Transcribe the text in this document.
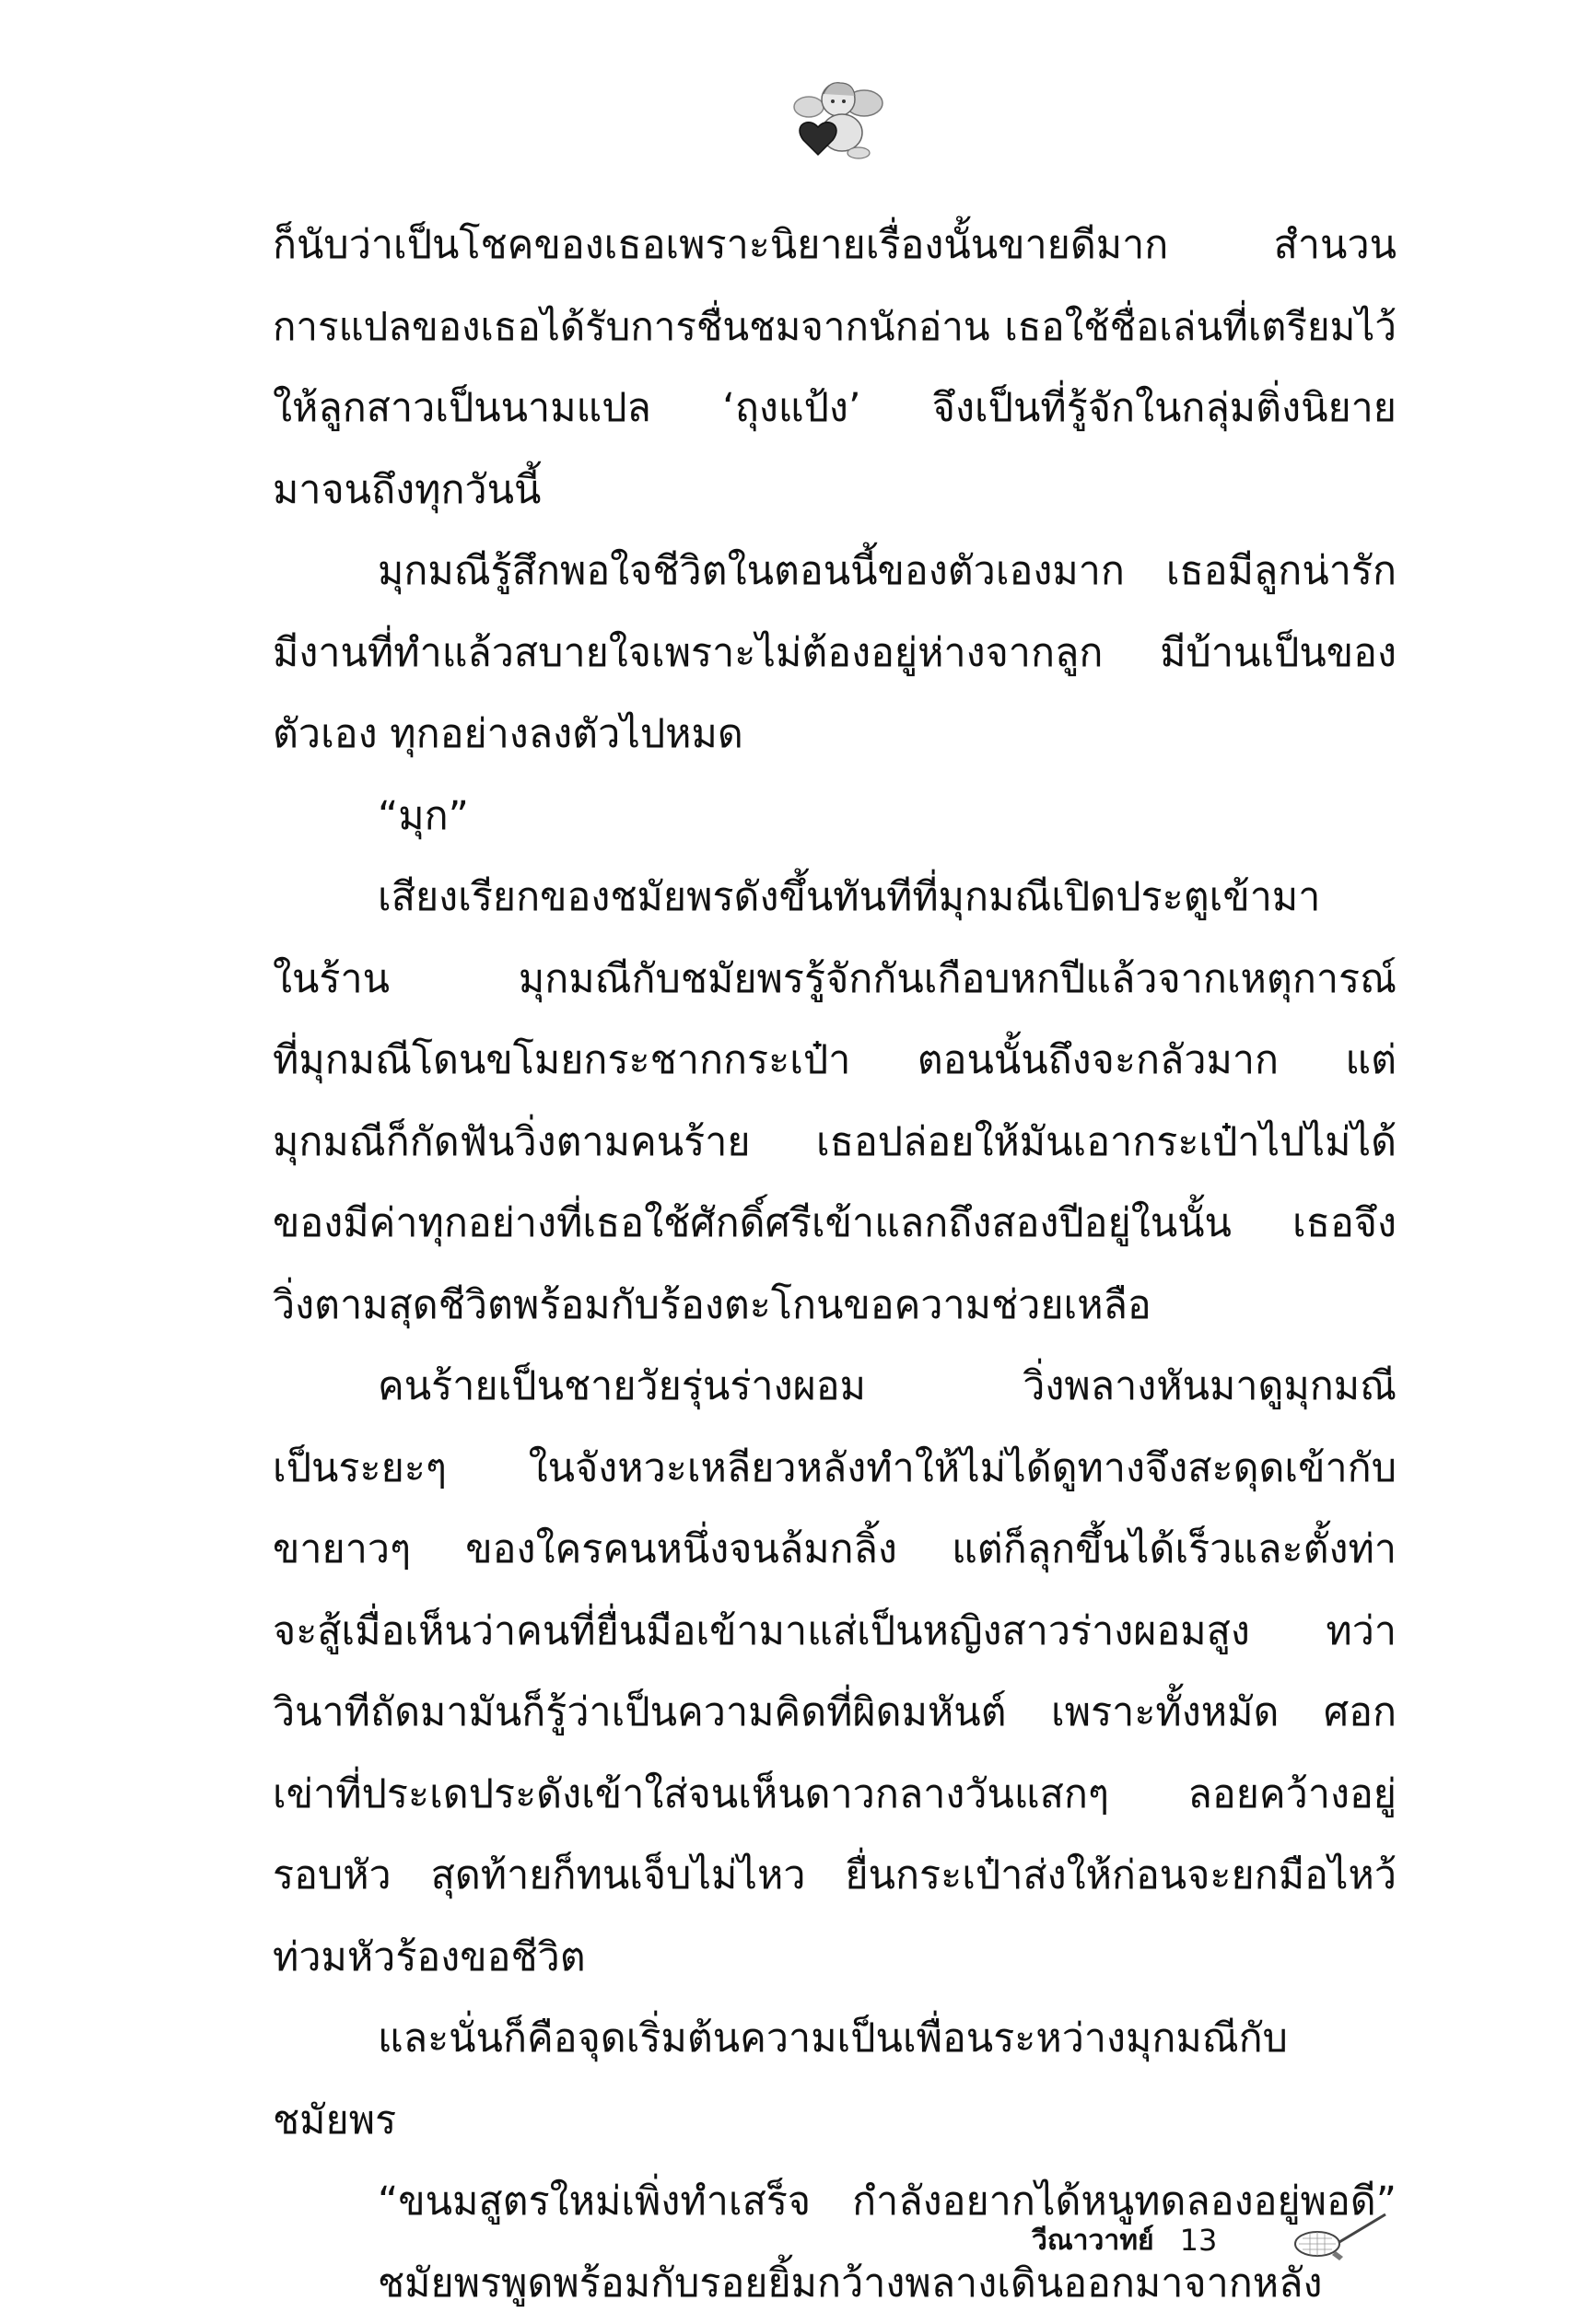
ก็นับว่าเป็นโชคของเธอเพราะนิยายเรื่องนั้นขายดีมาก สำนวน
การแปลของเธอได้รับการชื่นชมจากนักอ่าน เธอใช้ชื่อเล่นที่เตรียมไว้
ให้ลูกสาวเป็นนามแปล ‘ถุงแป้ง’ จึงเป็นที่รู้จักในกลุ่มติ่งนิยาย
มาจนถึงทุกวันนี้
มุกมณีรู้สึกพอใจชีวิตในตอนนี้ของตัวเองมาก เธอมีลูกน่ารัก
มีงานที่ทำแล้วสบายใจเพราะไม่ต้องอยู่ห่างจากลูก มีบ้านเป็นของ
ตัวเอง ทุกอย่างลงตัวไปหมด
“มุก”
เสียงเรียกของชมัยพรดังขึ้นทันทีที่มุกมณีเปิดประตูเข้ามา
ในร้าน มุกมณีกับชมัยพรรู้จักกันเกือบหกปีแล้วจากเหตุการณ์
ที่มุกมณีโดนขโมยกระชากกระเป๋า ตอนนั้นถึงจะกลัวมาก แต่
มุกมณีก็กัดฟันวิ่งตามคนร้าย เธอปล่อยให้มันเอากระเป๋าไปไม่ได้
ของมีค่าทุกอย่างที่เธอใช้ศักดิ์ศรีเข้าแลกถึงสองปีอยู่ในนั้น เธอจึง
วิ่งตามสุดชีวิตพร้อมกับร้องตะโกนขอความช่วยเหลือ
คนร้ายเป็นชายวัยรุ่นร่างผอม วิ่งพลางหันมาดูมุกมณี
เป็นระยะๆ ในจังหวะเหลียวหลังทำให้ไม่ได้ดูทางจึงสะดุดเข้ากับ
ขายาวๆ ของใครคนหนึ่งจนล้มกลิ้ง แต่ก็ลุกขึ้นได้เร็วและตั้งท่า
จะสู้เมื่อเห็นว่าคนที่ยื่นมือเข้ามาแส่เป็นหญิงสาวร่างผอมสูง ทว่า
วินาทีถัดมามันก็รู้ว่าเป็นความคิดที่ผิดมหันต์ เพราะทั้งหมัด ศอก
เข่าที่ประเดประดังเข้าใส่จนเห็นดาวกลางวันแสกๆ ลอยคว้างอยู่
รอบหัว สุดท้ายก็ทนเจ็บไม่ไหว ยื่นกระเป๋าส่งให้ก่อนจะยกมือไหว้
ท่วมหัวร้องขอชีวิต
และนั่นก็คือจุดเริ่มต้นความเป็นเพื่อนระหว่างมุกมณีกับ
ชมัยพร
“ขนมสูตรใหม่เพิ่งทำเสร็จ กำลังอยากได้หนูทดลองอยู่พอดี”
ชมัยพรพูดพร้อมกับรอยยิ้มกว้างพลางเดินออกมาจากหลัง
วีณาวาทย์ 13
